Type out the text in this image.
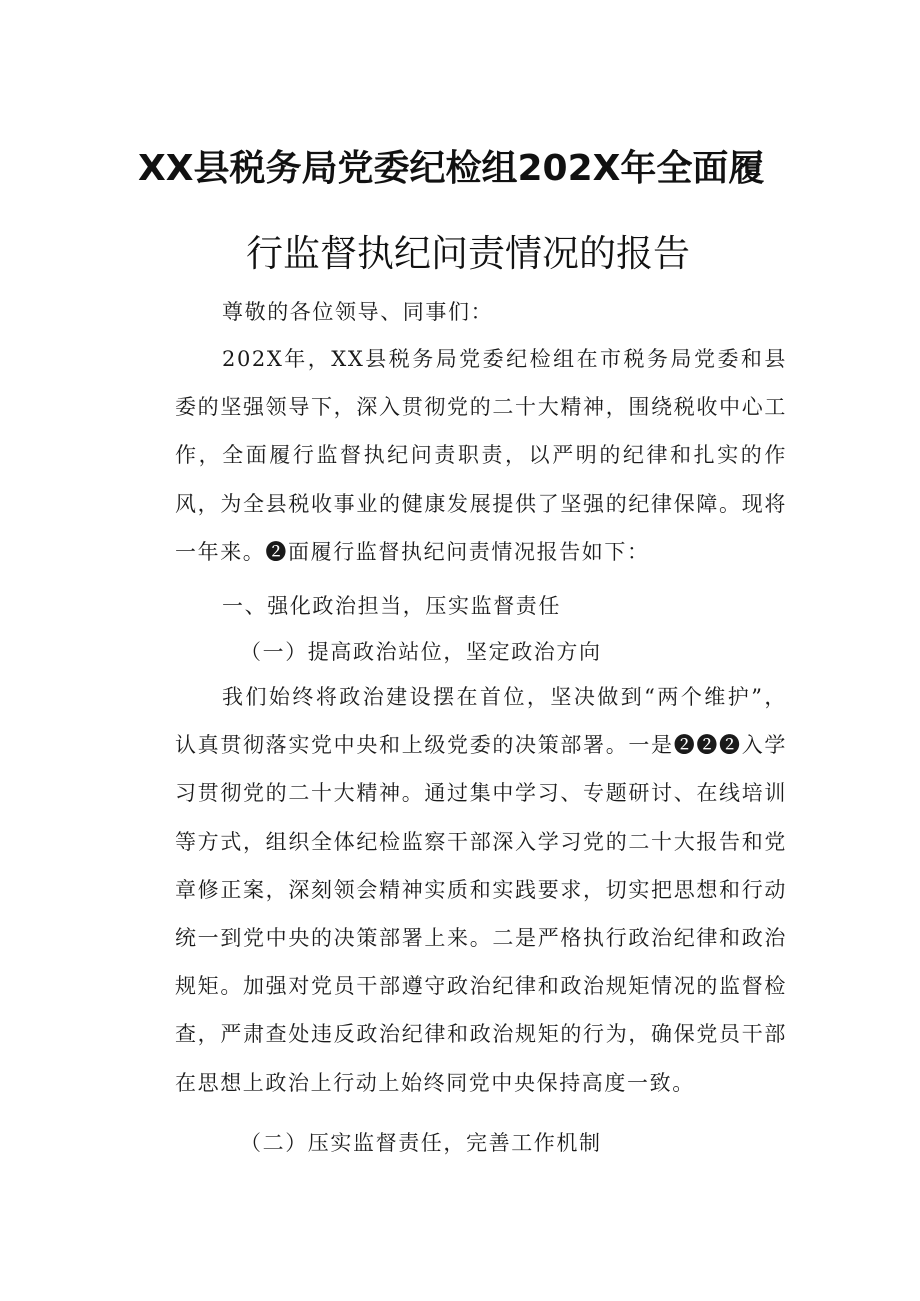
XX县税务局党委纪检组202X年全面履
行监督执纪问责情况的报告
尊敬的各位领导、同事们：

202X年，XX县税务局党委纪检组在市税务局党委和县委的坚强领导下，深入贯彻党的二十大精神，围绕税收中心工作，全面履行监督执纪问责职责，以严明的纪律和扎实的作风，为全县税收事业的健康发展提供了坚强的纪律保障。现将一年来。❷面履行监督执纪问责情况报告如下：

一、强化政治担当，压实监督责任
（一）提高政治站位，坚定政治方向

我们始终将政治建设摆在首位，坚决做到“两个维护”，认真贯彻落实党中央和上级党委的决策部署。一是❷❷❷入学习贯彻党的二十大精神。通过集中学习、专题研讨、在线培训等方式，组织全体纪检监察干部深入学习党的二十大报告和党章修正案，深刻领会精神实质和实践要求，切实把思想和行动统一到党中央的决策部署上来。二是严格执行政治纪律和政治规矩。加强对党员干部遵守政治纪律和政治规矩情况的监督检查，严肃查处违反政治纪律和政治规矩的行为，确保党员干部在思想上政治上行动上始终同党中央保持高度一致。

（二）压实监督责任，完善工作机制
